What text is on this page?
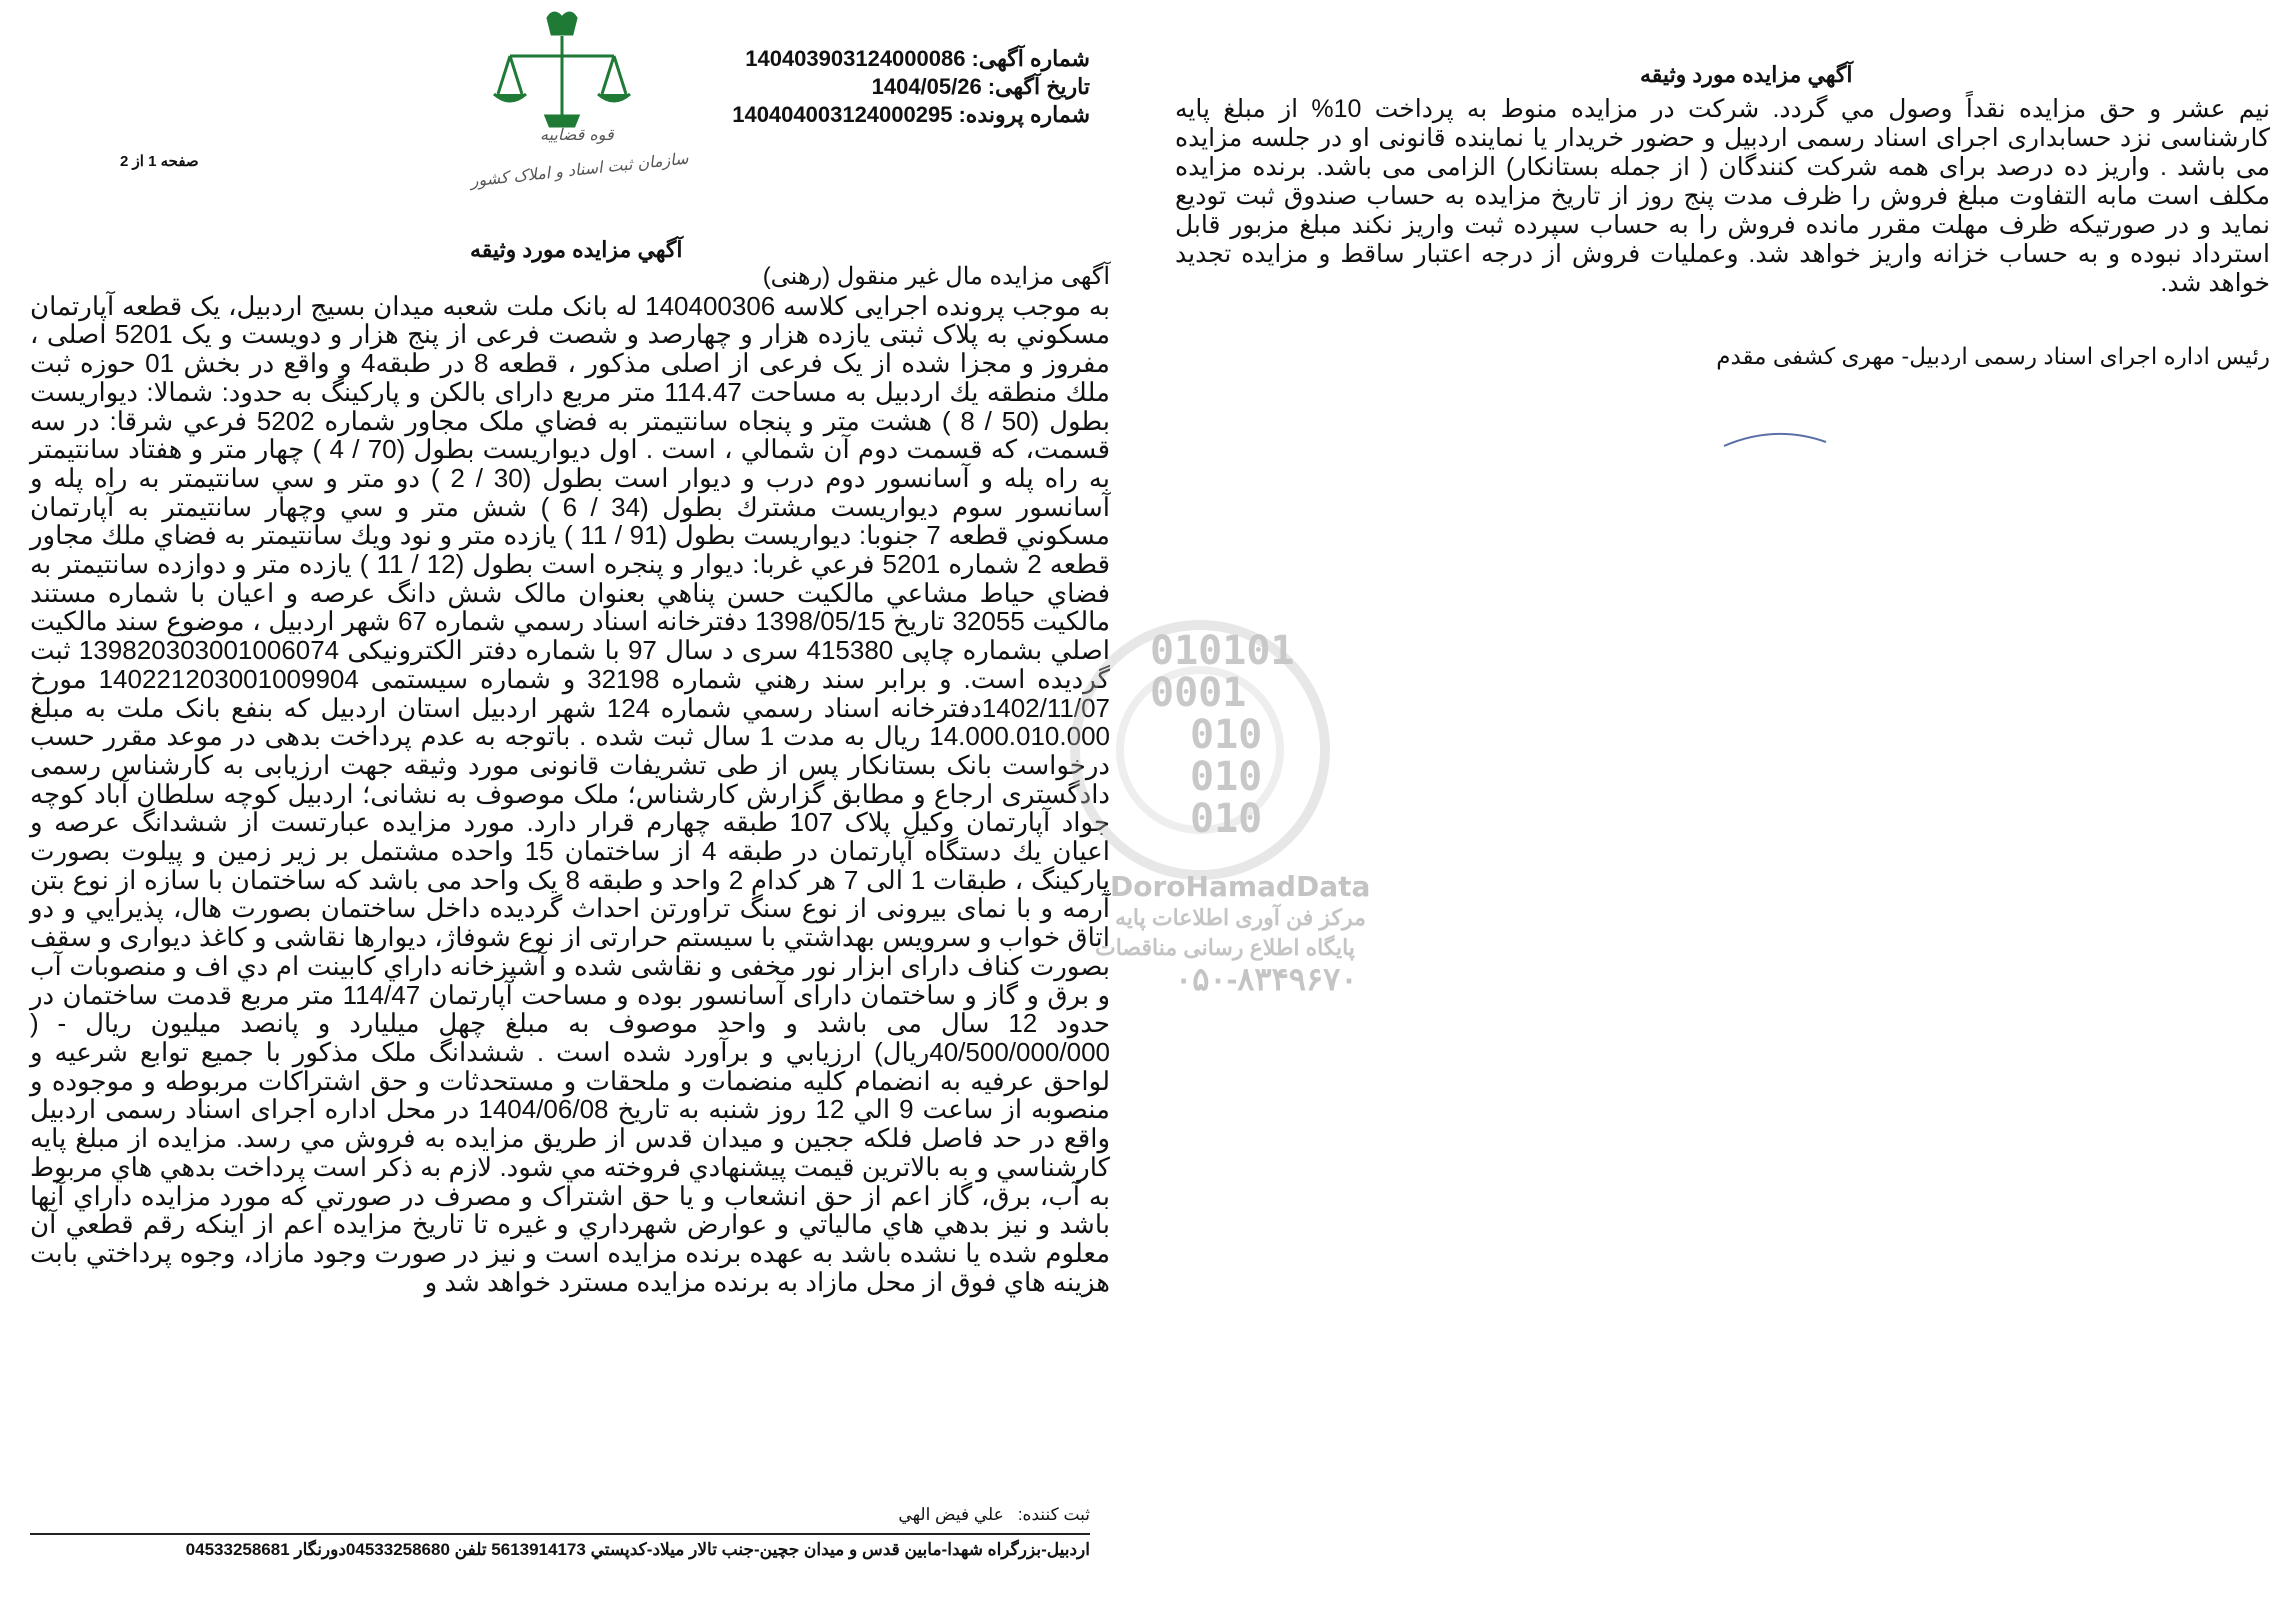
قوه قضاییه
سازمان ثبت اسناد و املاک کشور
شماره آگهی:140403903124000086
تاریخ آگهی:1404/05/26
شماره پرونده:140404003124000295
صفحه 1 از 2
آگهي مزايده مورد وثيقه
آگهي مزايده مورد وثيقه
آگهی مزایده مال غیر منقول (رهنی)
به موجب پرونده اجرایی کلاسه 140400306 له بانک ملت شعبه میدان بسیج اردبیل، یک قطعه آپارتمان مسکوني به پلاک ثبتی یازده هزار و چهارصد و شصت فرعی از پنج هزار و دویست و یک 5201 اصلی ، مفروز و مجزا شده از یک فرعی از اصلی مذکور ، قطعه 8 در طبقه4 و واقع در بخش 01 حوزه ثبت ملك منطقه يك اردبیل به مساحت 114.47 متر مربع دارای بالکن و پارکینگ به حدود: شمالا: ديواريست بطول (50 / 8 ) هشت متر و پنجاه سانتيمتر به فضاي ملک مجاور شماره 5202 فرعي شرقا: در سه قسمت، كه قسمت دوم آن شمالي ، است . اول ديواريست بطول (70 / 4 ) چهار متر و هفتاد سانتيمتر به راه پله و آسانسور دوم درب و ديوار است بطول (30 / 2 ) دو متر و سي سانتيمتر به راه پله و آسانسور سوم ديواريست مشترك بطول (34 / 6 ) شش متر و سي وچهار سانتيمتر به آپارتمان مسكوني قطعه 7 جنوبا: ديواريست بطول (91 / 11 ) يازده متر و نود ويك سانتيمتر به فضاي ملك مجاور قطعه 2 شماره 5201 فرعي غربا: ديوار و پنجره است بطول (12 / 11 ) يازده متر و دوازده سانتيمتر به فضاي حياط مشاعي مالكيت حسن پناهي بعنوان مالک شش دانگ عرصه و اعیان با شماره مستند مالکیت 32055 تاریخ 1398/05/15 دفترخانه اسناد رسمي شماره 67 شهر اردبيل ، موضوع سند مالکيت اصلي بشماره چاپی 415380 سری د سال 97 با شماره دفتر الکترونیکی 139820303001006074 ثبت گردیده است. و برابر سند رهني شماره 32198 و شماره سيستمی 140221203001009904 مورخ 1402/11/07دفترخانه اسناد رسمي شماره 124 شهر اردبیل استان اردبیل كه بنفع بانک ملت به مبلغ 14.000.010.000 ريال به مدت 1 سال ثبت شده . باتوجه به عدم پرداخت بدهی در موعد مقرر حسب درخواست بانک بستانکار پس از طی تشریفات قانونی مورد وثیقه جهت ارزیابی به کارشناس رسمی دادگستری ارجاع و مطابق گزارش کارشناس؛ ملک موصوف به نشانی؛ اردبیل کوچه سلطان آباد کوچه جواد آپارتمان وکیل پلاک 107 طبقه چهارم قرار دارد. مورد مزايده عبارتست از ششدانگ عرصه و اعيان يك دستگاه آپارتمان در طبقه 4 از ساختمان 15 واحده مشتمل بر زير زمين و پیلوت بصورت پارکینگ ، طبقات 1 الی 7 هر کدام 2 واحد و طبقه 8 يک واحد می باشد که ساختمان با سازه از نوع بتن آرمه و با نمای بيرونی از نوع سنگ تراورتن احداث گرديده داخل ساختمان بصورت هال، پذيرايي و دو اتاق خواب و سرويس بهداشتي با سيستم حرارتی از نوع شوفاژ، ديوارها نقاشی و کاغذ ديواری و سقف بصورت کناف دارای ابزار نور مخفی و نقاشی شده و آشپزخانه داراي کابينت ام دي اف و منصوبات آب و برق و گاز و ساختمان دارای آسانسور بوده و مساحت آپارتمان 114/47 متر مربع قدمت ساختمان در حدود 12 سال می باشد و واحد موصوف به مبلغ چهل ميليارد و پانصد ميليون ريال - ( 40/500/000/000ريال) ارزيابي و برآورد شده است . ششدانگ ملک مذکور با جميع توابع شرعيه و لواحق عرفيه به انضمام کليه منضمات و ملحقات و مستحدثات و حق اشتراکات مربوطه و موجوده و منصوبه از ساعت 9 الي 12 روز شنبه به تاريخ 1404/06/08 در محل اداره اجرای اسناد رسمی اردبيل واقع در حد فاصل فلکه ججين و ميدان قدس از طريق مزايده به فروش مي رسد. مزايده از مبلغ پايه کارشناسي و به بالاترين قيمت پيشنهادي فروخته مي شود. لازم به ذکر است پرداخت بدهي هاي مربوط به آب، برق، گاز اعم از حق انشعاب و يا حق اشتراک و مصرف در صورتي که مورد مزايده داراي آنها باشد و نيز بدهي هاي مالياتي و عوارض شهرداري و غيره تا تاريخ مزايده اعم از اينکه رقم قطعي آن معلوم شده يا نشده باشد به عهده برنده مزايده است و نيز در صورت وجود مازاد، وجوه پرداختي بابت هزينه هاي فوق از محل مازاد به برنده مزايده مسترد خواهد شد و
نيم عشر و حق مزايده نقداً وصول مي گردد. شرکت در مزايده منوط به پرداخت 10% از مبلغ پايه کارشناسی نزد حسابداری اجرای اسناد رسمی اردبيل و حضور خريدار يا نماينده قانونی او در جلسه مزايده می باشد . واريز ده درصد برای همه شرکت کنندگان ( از جمله بستانکار) الزامی می باشد. برنده مزايده مکلف است مابه التفاوت مبلغ فروش را ظرف مدت پنج روز از تاريخ مزايده به حساب صندوق ثبت توديع نمايد و در صورتيکه ظرف مهلت مقرر مانده فروش را به حساب سپرده ثبت واريز نکند مبلغ مزبور قابل استرداد نبوده و به حساب خزانه واريز خواهد شد. وعمليات فروش از درجه اعتبار ساقط و مزايده تجديد خواهد شد.
رئيس اداره اجرای اسناد رسمی اردبيل- مهری کشفی مقدم
010101
0001
010
010
010
DoroHamadData
مرکز فن آوری اطلاعات پایه
پایگاه اطلاع رسانی مناقصات
۰۵۰-۸۳۴۹۶۷۰
ثبت کننده:علي فيض الهي
اردبیل-بزرگراه شهدا-مابین قدس و میدان جچین-جنب تالار میلاد-کدپستي 5613914173 تلفن 04533258680دورنگار 04533258681
